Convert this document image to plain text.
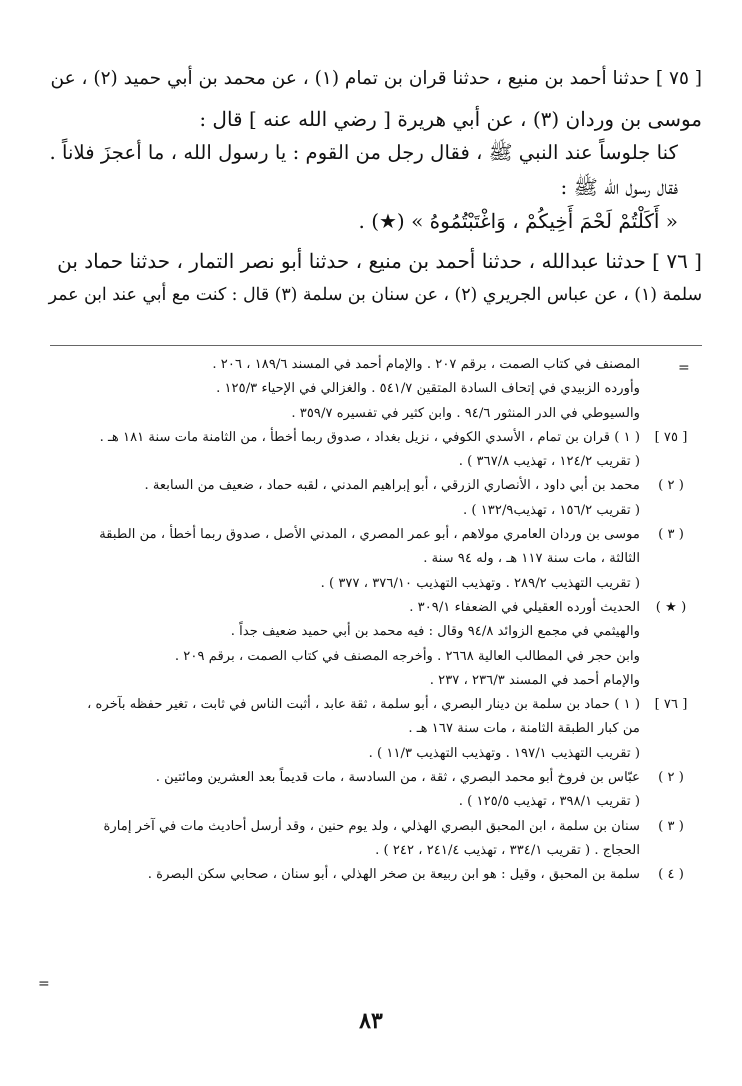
[ ٧٥ ] حدثنا أحمد بن منيع ، حدثنا قران بن تمام (١) ، عن محمد بن أبي حميد (٢) ، عن

موسى بن وردان (٣) ، عن أبي هريرة [ رضي الله عنه ] قال :

كنا جلوساً عند النبي ﷺ ، فقال رجل من القوم : يا رسول الله ، ما أعجزَ فلاناً .

فقال رسول الله ﷺ :

« أَكَلْتُمْ لَحْمَ أَخِيكُمْ ، وَاغْتَبْتُمُوهُ » (★) .

[ ٧٦ ] حدثنا عبدالله ، حدثنا أحمد بن منيع ، حدثنا أبو نصر التمار ، حدثنا حماد بن

سلمة (١) ، عن عباس الجريري (٢) ، عن سنان بن سلمة (٣) قال : كنت مع أبي عند ابن عمر

=
=
المصنف في كتاب الصمت ، برقم ٢٠٧ . والإمام أحمد في المسند ١٨٩/٦ ، ٢٠٦ .
وأورده الزبيدي في إتحاف السادة المتقين ٥٤١/٧ . والغزالي في الإحياء ١٢٥/٣ .
والسيوطي في الدر المنثور ٩٤/٦ . وابن كثير في تفسيره ٣٥٩/٧ .
[ ٧٥ ]( ١ ) قران بن تمام ، الأسدي الكوفي ، نزيل بغداد ، صدوق ربما أخطأ ، من الثامنة مات سنة ١٨١ هـ .
( تقريب ١٢٤/٢ ، تهذيب ٣٦٧/٨ ) .
( ٢ )محمد بن أبي داود ، الأنصاري الزرقي ، أبو إبراهيم المدني ، لقبه حماد ، ضعيف من السابعة .
( تقريب ١٥٦/٢ ، تهذيب١٣٢/٩ ) .
( ٣ )موسى بن وردان العامري مولاهم ، أبو عمر المصري ، المدني الأصل ، صدوق ربما أخطأ ، من الطبقة
الثالثة ، مات سنة ١١٧ هـ ، وله ٩٤ سنة .
( تقريب التهذيب ٢٨٩/٢ . وتهذيب التهذيب ٣٧٦/١٠ ، ٣٧٧ ) .
( ★ )الحديث أورده العقيلي في الضعفاء ٣٠٩/١ .
والهيثمي في مجمع الزوائد ٩٤/٨ وقال : فيه محمد بن أبي حميد ضعيف جداً .
وابن حجر في المطالب العالية ٢٦٦٨ . وأخرجه المصنف في كتاب الصمت ، برقم ٢٠٩ .
والإمام أحمد في المسند ٢٣٦/٣ ، ٢٣٧ .
[ ٧٦ ]( ١ ) حماد بن سلمة بن دينار البصري ، أبو سلمة ، ثقة عابد ، أثبت الناس في ثابت ، تغير حفظه بآخره ،
من كبار الطبقة الثامنة ، مات سنة ١٦٧ هـ .
( تقريب التهذيب ١٩٧/١ . وتهذيب التهذيب ١١/٣ ) .
( ٢ )عبّاس بن فروخ أبو محمد البصري ، ثقة ، من السادسة ، مات قديماً بعد العشرين ومائتين .
( تقريب ٣٩٨/١ ، تهذيب ١٢٥/٥ ) .
( ٣ )سنان بن سلمة ، ابن المحبق البصري الهذلي ، ولد يوم حنين ، وقد أرسل أحاديث مات في آخر إمارة
الحجاج . ( تقريب ٣٣٤/١ ، تهذيب ٢٤١/٤ ، ٢٤٢ ) .
( ٤ )سلمة بن المحبق ، وقيل : هو ابن ربيعة بن صخر الهذلي ، أبو سنان ، صحابي سكن البصرة .
٨٣
